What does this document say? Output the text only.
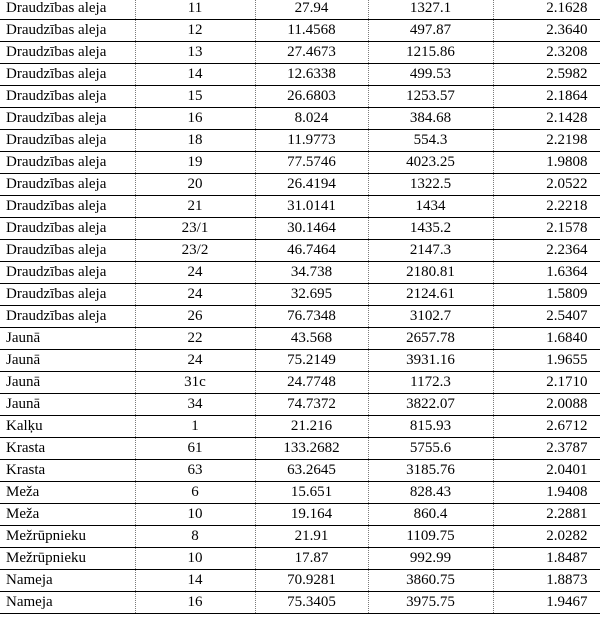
Draudzības aleja	11	27.94	1327.1	2.1628
Draudzības aleja	12	11.4568	497.87	2.3640
Draudzības aleja	13	27.4673	1215.86	2.3208
Draudzības aleja	14	12.6338	499.53	2.5982
Draudzības aleja	15	26.6803	1253.57	2.1864
Draudzības aleja	16	8.024	384.68	2.1428
Draudzības aleja	18	11.9773	554.3	2.2198
Draudzības aleja	19	77.5746	4023.25	1.9808
Draudzības aleja	20	26.4194	1322.5	2.0522
Draudzības aleja	21	31.0141	1434	2.2218
Draudzības aleja	23/1	30.1464	1435.2	2.1578
Draudzības aleja	23/2	46.7464	2147.3	2.2364
Draudzības aleja	24	34.738	2180.81	1.6364
Draudzības aleja	24	32.695	2124.61	1.5809
Draudzības aleja	26	76.7348	3102.7	2.5407
Jaunā	22	43.568	2657.78	1.6840
Jaunā	24	75.2149	3931.16	1.9655
Jaunā	31c	24.7748	1172.3	2.1710
Jaunā	34	74.7372	3822.07	2.0088
Kalķu	1	21.216	815.93	2.6712
Krasta	61	133.2682	5755.6	2.3787
Krasta	63	63.2645	3185.76	2.0401
Meža	6	15.651	828.43	1.9408
Meža	10	19.164	860.4	2.2881
Mežrūpnieku	8	21.91	1109.75	2.0282
Mežrūpnieku	10	17.87	992.99	1.8487
Nameja	14	70.9281	3860.75	1.8873
Nameja	16	75.3405	3975.75	1.9467
